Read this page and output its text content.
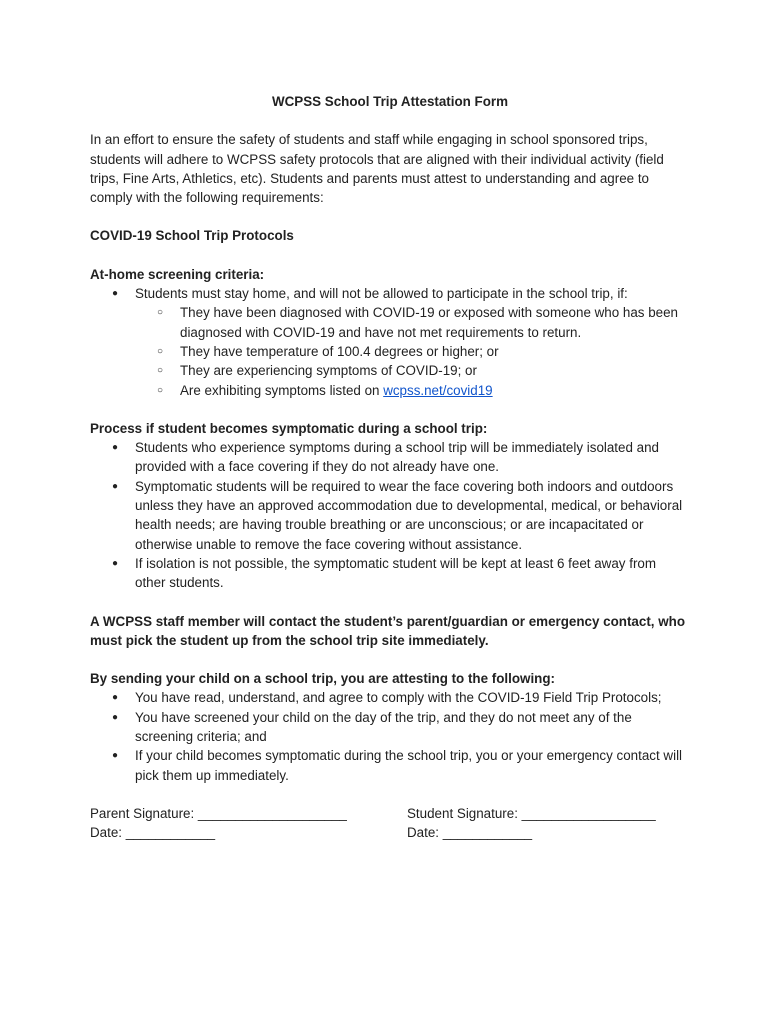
WCPSS School Trip Attestation Form

In an effort to ensure the safety of students and staff while engaging in school sponsored trips, students will adhere to WCPSS safety protocols that are aligned with their individual activity (field trips, Fine Arts, Athletics, etc). Students and parents must attest to understanding and agree to comply with the following requirements:

COVID-19 School Trip Protocols

At-home screening criteria:
● Students must stay home, and will not be allowed to participate in the school trip, if:
○ They have been diagnosed with COVID-19 or exposed with someone who has been diagnosed with COVID-19 and have not met requirements to return.
○ They have temperature of 100.4 degrees or higher; or
○ They are experiencing symptoms of COVID-19; or
○ Are exhibiting symptoms listed on wcpss.net/covid19
Process if student becomes symptomatic during a school trip:
● Students who experience symptoms during a school trip will be immediately isolated and provided with a face covering if they do not already have one.
● Symptomatic students will be required to wear the face covering both indoors and outdoors unless they have an approved accommodation due to developmental, medical, or behavioral health needs; are having trouble breathing or are unconscious; or are incapacitated or otherwise unable to remove the face covering without assistance.
● If isolation is not possible, the symptomatic student will be kept at least 6 feet away from other students.

A WCPSS staff member will contact the student’s parent/guardian or emergency contact, who must pick the student up from the school trip site immediately.

By sending your child on a school trip, you are attesting to the following:
● You have read, understand, and agree to comply with the COVID-19 Field Trip Protocols;
● You have screened your child on the day of the trip, and they do not meet any of the screening criteria; and
● If your child becomes symptomatic during the school trip, you or your emergency contact will pick them up immediately.
Parent Signature: ____________________	Student Signature: __________________
Date: ____________	Date: ____________
